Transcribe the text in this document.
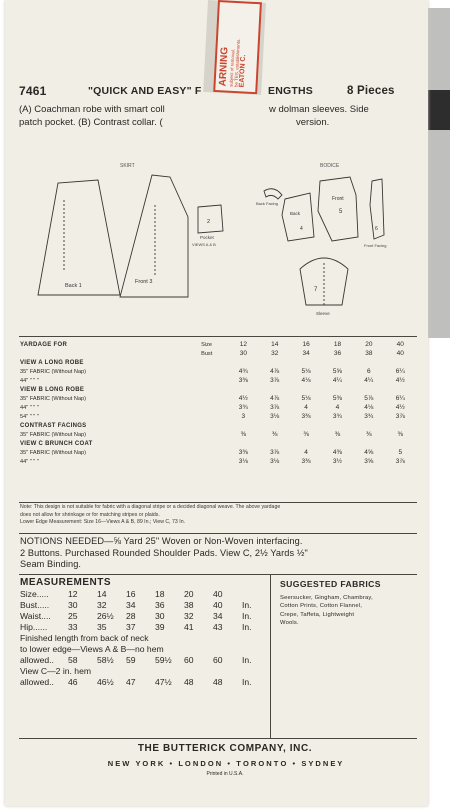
7461	"QUICK AND EASY" F	ENGTHS	8 Pieces
(A) Coachman robe with smart coll	w dolman sleeves. Side
patch pocket. (B) Contrast collar. (	version.
ARNING
subject of removal.
be TES. establishments.
EATON C.
SKIRT	BODICE
Back 1
Front 3
2
Pocket
VIEWS A & B
Back Facing
Back
4
Front
5
6
Front Facing
7
Sleeve
YARDAGE FOR	Size	12	14	16	18	20	40
	Bust	30	32	34	36	38	40
VIEW A LONG ROBE							
35" FABRIC (Without Nap)		4¾	4⅞	5⅛	5⅝	6	6¼
44" " " "		3⅜	3⅞	4⅛	4¼	4¼	4½
VIEW B LONG ROBE							
35" FABRIC (Without Nap)		4½	4⅞	5⅛	5⅜	5⅞	6¼
44" " " "		3¾	3⅞	4	4	4⅛	4½
54" " " "		3	3⅛	3⅜	3¾	3¾	3⅞
CONTRAST FACINGS							
35" FABRIC (Without Nap)		⅜	⅜	⅜	⅜	⅜	⅜
VIEW C BRUNCH COAT							
35" FABRIC (Without Nap)		3⅜	3⅞	4	4⅜	4⅝	5
44" " " "		3⅛	3⅛	3⅜	3½	3⅝	3⅞
Note: This design is not suitable for fabric with a diagonal stripe or a decided diagonal weave. The above yardage
does not allow for shrinkage or for matching stripes or plaids.
Lower Edge Measurement: Size 16—Views A & B, 89 In.; View C, 73 In.
NOTIONS NEEDED—⅝ Yard 25" Woven or Non-Woven interfacing.
2 Buttons. Purchased Rounded Shoulder Pads. View C, 2½ Yards ½"
Seam Binding.
MEASUREMENTS
Size.....	12	14	16	18	20	40
Bust.....	30	32	34	36	38	40	In.
Waist....	25	26½	28	30	32	34	In.
Hip......	33	35	37	39	41	43	In.
Finished length from back of neck
to lower edge—Views A & B—no hem
allowed..	58	58½	59	59½	60	60	In.
View C—2 in. hem
allowed..	46	46½	47	47½	48	48	In.
SUGGESTED FABRICS
Seersucker, Gingham, Chambray,
Cotton Prints, Cotton Flannel,
Crepe, Taffeta, Lightweight
Wools.
THE BUTTERICK COMPANY, INC.
N E W   Y O R K   •   L O N D O N   •   T O R O N T O   •   S Y D N E Y
Printed in U.S.A.
